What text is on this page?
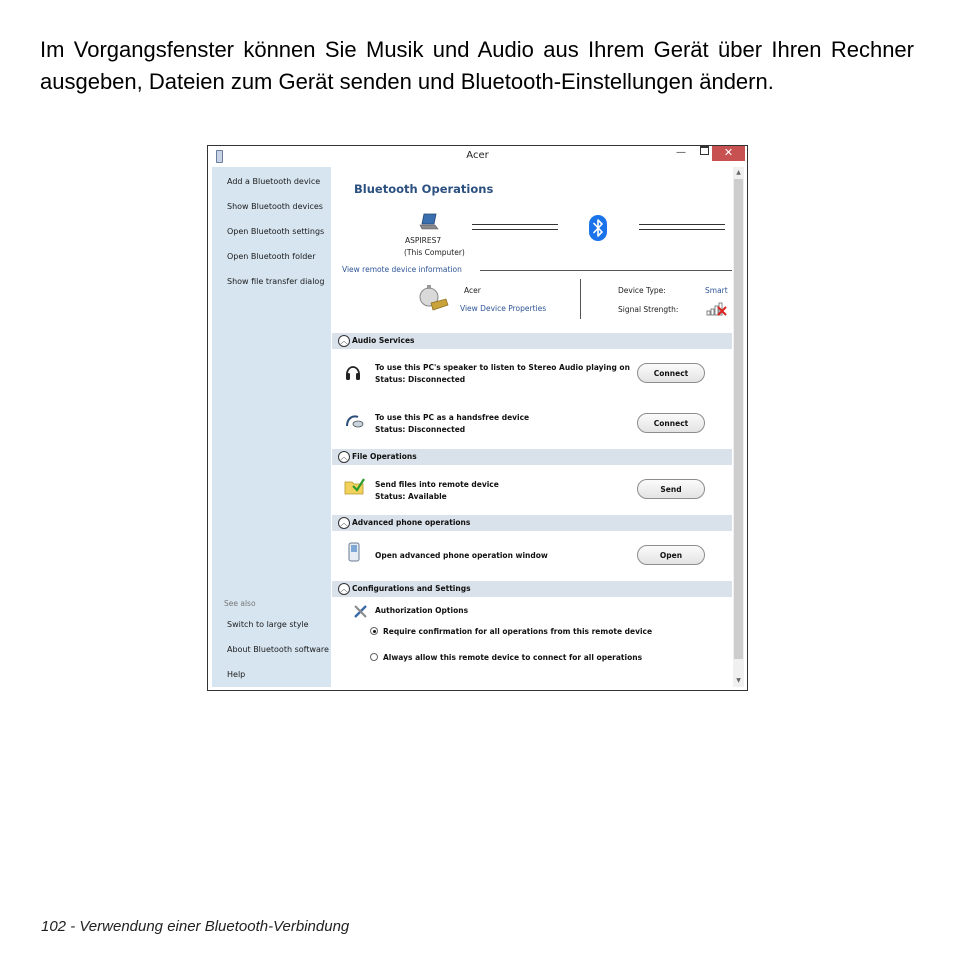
Im Vorgangsfenster können Sie Musik und Audio aus Ihrem Gerät über Ihren Rechner ausgeben, Dateien zum Gerät senden und Bluetooth-Einstellungen ändern.
Acer	—	✕
Add a Bluetooth device
Show Bluetooth devices
Open Bluetooth settings
Open Bluetooth folder
Show file transfer dialog
See also
Switch to large style
About Bluetooth software
Help
Bluetooth Operations
ASPIRES7
(This Computer)
View remote device information
Acer
View Device Properties
Device Type:	Smart
Signal Strength:
︿ Audio Services
To use this PC's speaker to listen to Stereo Audio playing on
Status: Disconnected
Connect
To use this PC as a handsfree device
Status: Disconnected
Connect
︿ File Operations
Send files into remote device
Status: Available
Send
︿ Advanced phone operations
Open advanced phone operation window	Open
︿ Configurations and Settings
Authorization Options
Require confirmation for all operations from this remote device
Always allow this remote device to connect for all operations
▲
▼
102 - Verwendung einer Bluetooth-Verbindung
